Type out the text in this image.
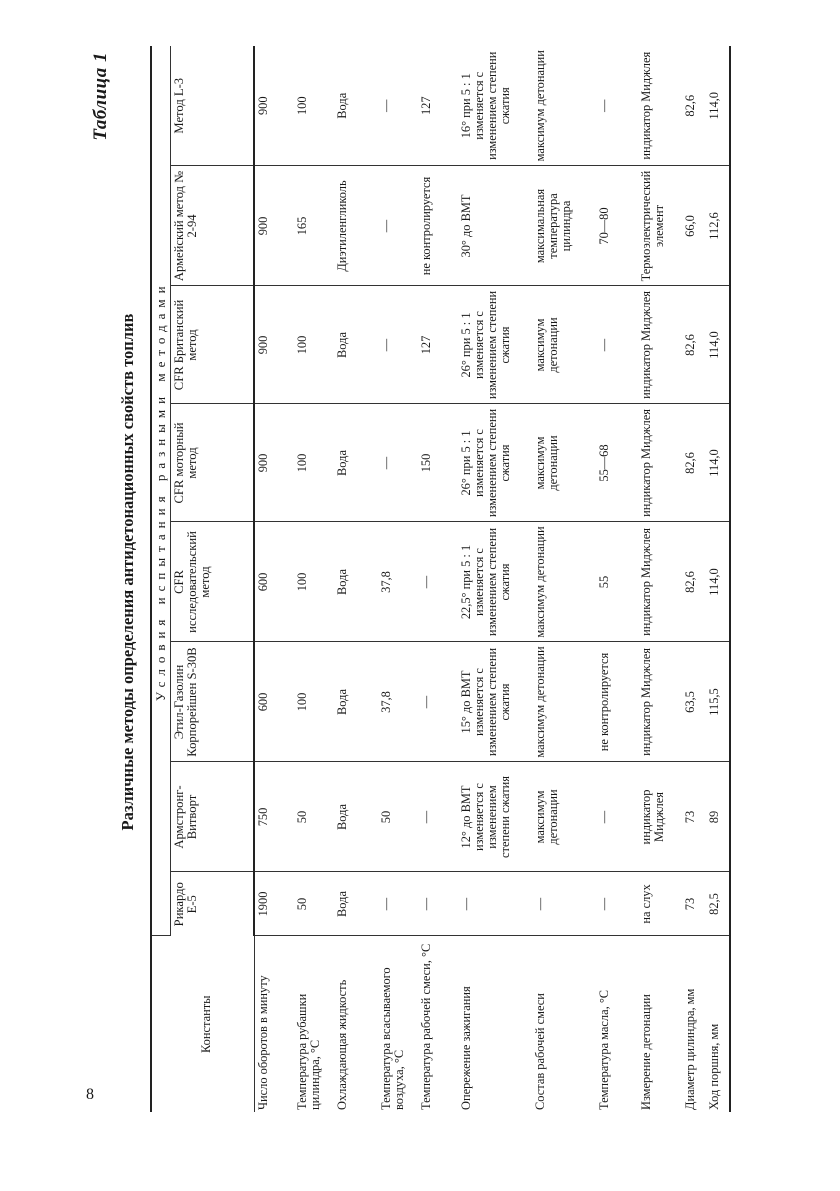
8
Таблица 1
Различные методы определения антидетонационных свойств топлив
Константы	Условия испытания разными методами							
	Рикардо Е-5	Армстронг-Витворт	Этил-Газолин Корпорейшен S-30В	CFR исследовательский метод	CFR моторный метод	CFR Британский метод	Армейский метод № 2-94	Метод L-3
Число оборотов в минуту	1900	750	600	600	900	900	900	900
Температура рубашки цилиндра, °С	50	50	100	100	100	100	165	100
Охлаждающая жидкость	Вода	Вода	Вода	Вода	Вода	Вода	Диэтиленгликоль	Вода
Температура всасываемого воздуха, °С	—	50	37,8	37,8	—	—	—	—
Температура рабочей смеси, °С	—	—	—	—	150	127	не контролируется	127
Опережение зажигания	—	12° до ВМТ изменяется с изменением степени сжатия	15° до ВМТ изменяется с изменением степени сжатия	22,5° при 5 : 1 изменяется с изменением степени сжатия	26° при 5 : 1 изменяется с изменением степени сжатия	26° при 5 : 1 изменяется с изменением степени сжатия	30° до ВМТ	16° при 5 : 1 изменяется с изменением степени сжатия
Состав рабочей смеси	—	максимум детонации	максимум детонации	максимум детонации	максимум детонации	максимум детонации	максимальная температура цилиндра	максимум детонации
Температура масла, °С	—	—	не контролируется	55	55—68	—	70—80	—
Измерение детонации	на слух	индикатор Миджлея	индикатор Миджлея	индикатор Миджлея	индикатор Миджлея	индикатор Миджлея	Термоэлектрический элемент	индикатор Миджлея
Диаметр цилиндра, мм	73	73	63,5	82,6	82,6	82,6	66,0	82,6
Ход поршня, мм	82,5	89	115,5	114,0	114,0	114,0	112,6	114,0
